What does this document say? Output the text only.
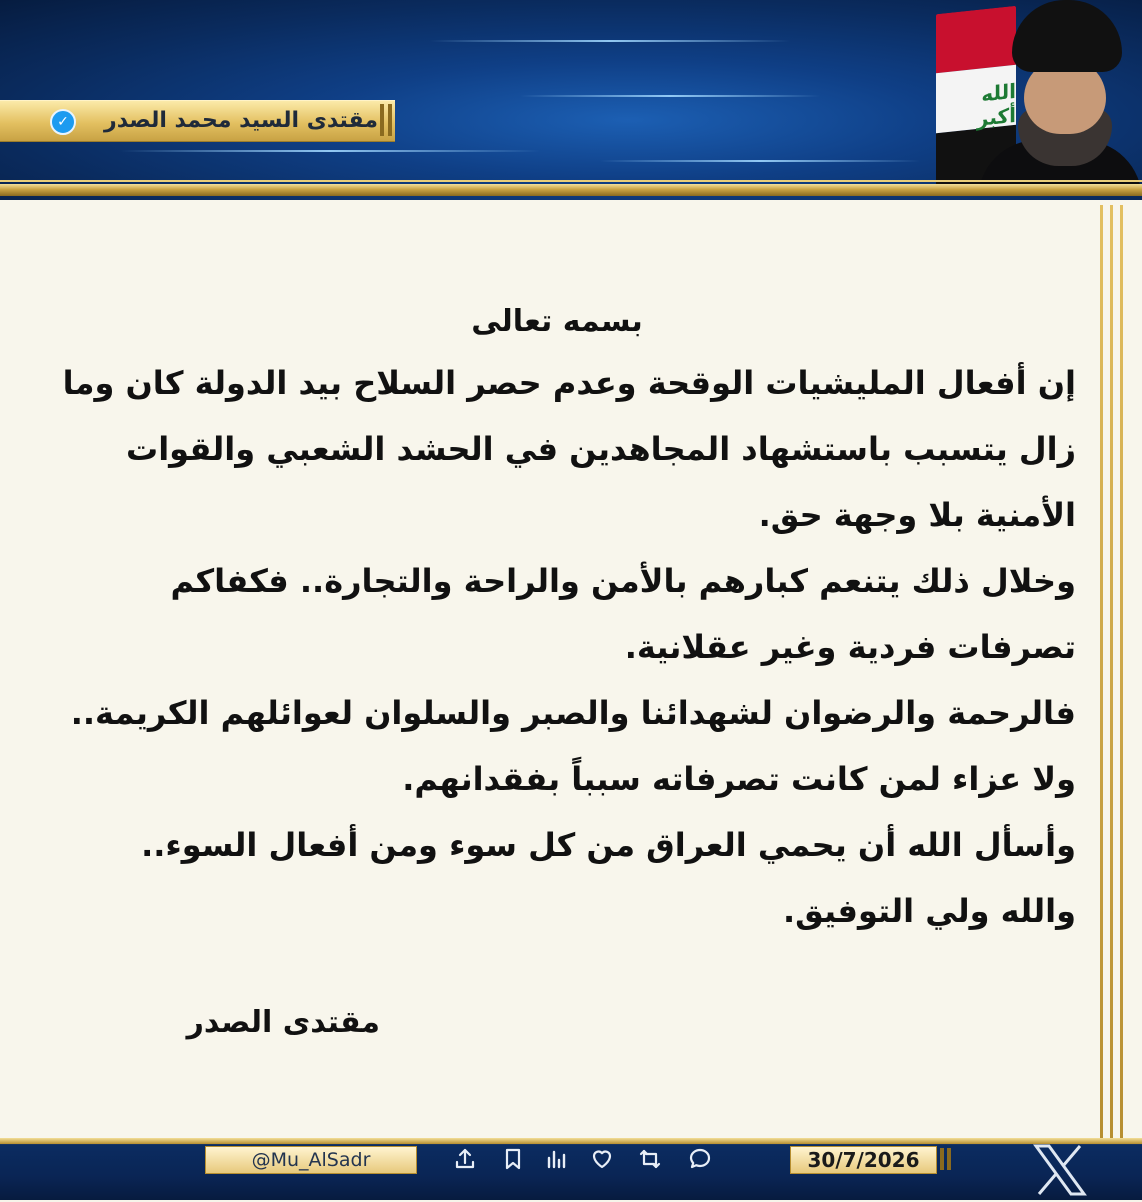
الله أكبر
✓	مقتدى السيد محمد الصدر
بسمه تعالى

إن أفعال المليشيات الوقحة وعدم حصر السلاح بيد الدولة كان وما

زال يتسبب باستشهاد المجاهدين في الحشد الشعبي والقوات

الأمنية بلا وجهة حق.

وخلال ذلك يتنعم كبارهم بالأمن والراحة والتجارة.. فكفاكم

تصرفات فردية وغير عقلانية.

فالرحمة والرضوان لشهدائنا والصبر والسلوان لعوائلهم الكريمة..

ولا عزاء لمن كانت تصرفاته سبباً بفقدانهم.

وأسأل الله أن يحمي العراق من كل سوء ومن أفعال السوء..

والله ولي التوفيق.

مقتدى الصدر
@Mu_AlSadr	30/7/2026
